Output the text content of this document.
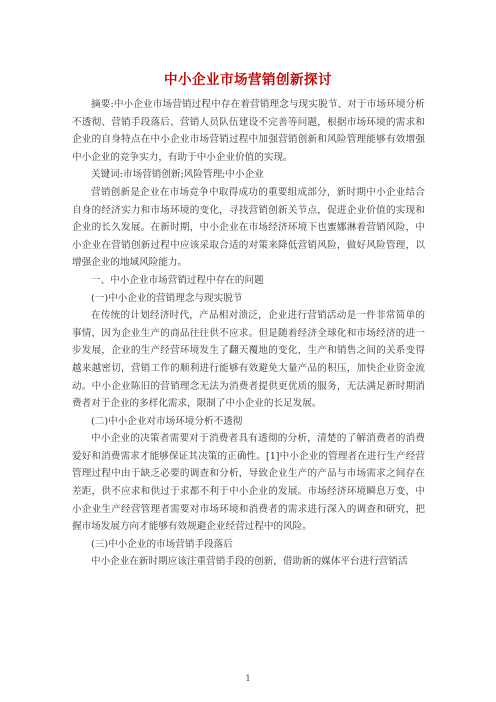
中小企业市场营销创新探讨

摘要:中小企业市场营销过程中存在着营销理念与现实脱节、对于市场环境分析不透彻、营销手段落后、营销人员队伍建设不完善等问题，根据市场环境的需求和企业的自身特点在中小企业市场营销过程中加强营销创新和风险管理能够有效增强中小企业的竞争实力，有助于中小企业价值的实现。

关键词:市场营销创新;风险管理;中小企业

营销创新是企业在市场竞争中取得成功的重要组成部分，新时期中小企业结合自身的经济实力和市场环境的变化，寻找营销创新关节点，促进企业价值的实现和企业的长久发展。在新时期，中小企业在市场经济环境下也蜜娜淋着营销风险，中小企业在营销创新过程中应该采取合适的对策来降低营销风险，做好风险管理，以增强企业的地域风险能力。

一、中小企业市场营销过程中存在的问题

(一)中小企业的营销理念与现实脱节

在传统的计划经济时代，产品相对溃泛，企业进行营销活动是一件非常简单的事情，因为企业生产的商品往往供不应求。但是随着经济全球化和市场经济的进一步发展，企业的生产经营环境发生了翻天覆地的变化，生产和销售之间的关系变得越来越密切，营销工作的顺利进行能够有效避免大量产品的积压，加快企业资金流动。中小企业陈旧的营销理念无法为消费者提供更优质的服务，无法满足新时期消费者对于企业的多样化需求，限制了中小企业的长足发展。

(二)中小企业对市场环境分析不透彻

中小企业的决策者需要对于消费者具有透彻的分析，清楚的了解消费者的消费爱好和消费需求才能够保证其决策的正确性。[1]中小企业的管理者在进行生产经营管理过程中由于缺乏必要的调查和分析，导致企业生产的产品与市场需求之间存在差距，供不应求和供过于求都不利于中小企业的发展。市场经济环境瞬息万变，中小企业生产经营管理者需要对市场环境和消费者的需求进行深入的调查和研究，把握市场发展方向才能够有效规避企业经营过程中的风险。

(三)中小企业的市场营销手段落后

中小企业在新时期应该注重营销手段的创新，借助新的媒体平台进行营销活

1
